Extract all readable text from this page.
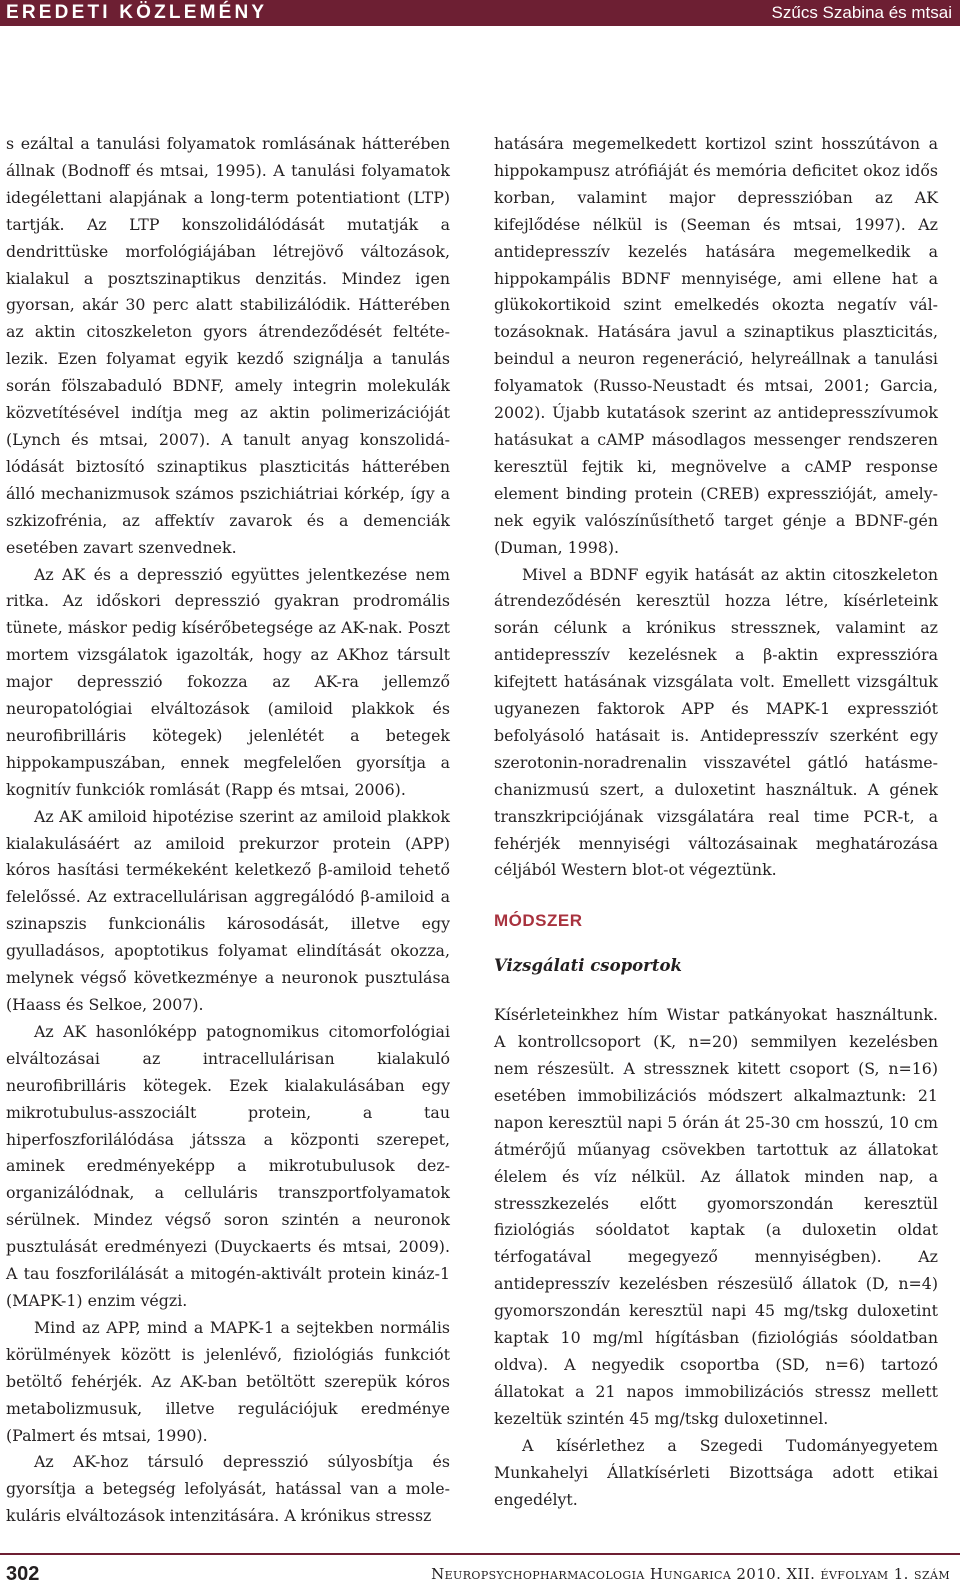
EREDETI KÖZLEMÉNY	Szűcs Szabina és mtsai

s ezáltal a tanulási folyamatok romlásának hátterében állnak (Bodnoff és mtsai, 1995). A tanulási folyamatok idegélettani alapjának a long-term potentiationt (LTP) tartják. Az LTP konszolidálódását mutatják a dendrittüske morfológiájában létrejövő változások, kialakul a posztszinaptikus denzitás. Mindez igen gyorsan, akár 30 perc alatt stabilizálódik. Hátterében az aktin citoszkeleton gyors átrendeződését feltételezik. Ezen folyamat egyik kezdő szignálja a tanulás során fölszabaduló BDNF, amely integrin molekulák közvetítésével indítja meg az aktin polimerizációját (Lynch és mtsai, 2007). A tanult anyag konszolidálódását biztosító szinaptikus plaszticitás hátterében álló mechanizmusok számos pszichiátriai kórkép, így a szkizofrénia, az affektív zavarok és a demenciák esetében zavart szenvednek.

Az AK és a depresszió együttes jelentkezése nem ritka. Az időskori depresszió gyakran prodromális tünete, máskor pedig kísérőbetegsége az AK-nak. Poszt mortem vizsgálatok igazolták, hogy az AKhoz társult major depresszió fokozza az AK-ra jellemző neuropatológiai elváltozások (amiloid plakkok és neurofibrilláris kötegek) jelenlétét a betegek hippokampuszában, ennek megfelelően gyorsítja a kognitív funkciók romlását (Rapp és mtsai, 2006).

Az AK amiloid hipotézise szerint az amiloid plakkok kialakulásáért az amiloid prekurzor protein (APP) kóros hasítási termékeként keletkező β-amiloid tehető felelőssé. Az extracellulárisan aggregálódó β-amiloid a szinapszis funkcionális károsodását, illetve egy gyulladásos, apoptotikus folyamat elindítását okozza, melynek végső következménye a neuronok pusztulása (Haass és Selkoe, 2007).

Az AK hasonlóképp patognomikus citomorfológiai elváltozásai az intracellulárisan kialakuló neurofibrilláris kötegek. Ezek kialakulásában egy mikrotubulus-asszociált protein, a tau hiperfoszforilálódása játssza a központi szerepet, aminek eredményeképp a mikrotubulusok dezorganizálódnak, a celluláris transzportfolyamatok sérülnek. Mindez végső soron szintén a neuronok pusztulását eredményezi (Duyckaerts és mtsai, 2009). A tau foszforilálását a mitogén-aktivált protein kináz-1 (MAPK-1) enzim végzi.

Mind az APP, mind a MAPK-1 a sejtekben normális körülmények között is jelenlévő, fiziológiás funkciót betöltő fehérjék. Az AK-ban betöltött szerepük kóros metabolizmusuk, illetve regulációjuk eredménye (Palmert és mtsai, 1990).

Az AK-hoz társuló depresszió súlyosbítja és gyorsítja a betegség lefolyását, hatással van a molekuláris elváltozások intenzitására. A krónikus stressz

hatására megemelkedett kortizol szint hosszútávon a hippokampusz atrófiáját és memória deficitet okoz idős korban, valamint major depresszióban az AK kifejlődése nélkül is (Seeman és mtsai, 1997). Az antidepresszív kezelés hatására megemelkedik a hippokampális BDNF mennyisége, ami ellene hat a glükokortikoid szint emelkedés okozta negatív változásoknak. Hatására javul a szinaptikus plaszticitás, beindul a neuron regeneráció, helyreállnak a tanulási folyamatok (Russo-Neustadt és mtsai, 2001; Garcia, 2002). Újabb kutatások szerint az antidepresszívumok hatásukat a cAMP másodlagos messenger rendszeren keresztül fejtik ki, megnövelve a cAMP response element binding protein (CREB) expresszióját, amelynek egyik valószínűsíthető target génje a BDNF-gén (Duman, 1998).

Mivel a BDNF egyik hatását az aktin citoszkeleton átrendeződésén keresztül hozza létre, kísérleteink során célunk a krónikus stressznek, valamint az antidepresszív kezelésnek a β-aktin expresszióra kifejtett hatásának vizsgálata volt. Emellett vizsgáltuk ugyanezen faktorok APP és MAPK-1 expressziót befolyásoló hatásait is. Antidepresszív szerként egy szerotonin-noradrenalin visszavétel gátló hatásmechanizmusú szert, a duloxetint használtuk. A gének transzkripciójának vizsgálatára real time PCR-t, a fehérjék mennyiségi változásainak meghatározása céljából Western blot-ot végeztünk.

MÓDSZER
Vizsgálati csoportok

Kísérleteinkhez hím Wistar patkányokat használtunk. A kontrollcsoport (K, n=20) semmilyen kezelésben nem részesült. A stressznek kitett csoport (S, n=16) esetében immobilizációs módszert alkalmaztunk: 21 napon keresztül napi 5 órán át 25-30 cm hosszú, 10 cm átmérőjű műanyag csövekben tartottuk az állatokat élelem és víz nélkül. Az állatok minden nap, a stresszkezelés előtt gyomorszondán keresztül fiziológiás sóoldatot kaptak (a duloxetin oldat térfogatával megegyező mennyiségben). Az antidepresszív kezelésben részesülő állatok (D, n=4) gyomorszondán keresztül napi 45 mg/tskg duloxetint kaptak 10 mg/ml hígításban (fiziológiás sóoldatban oldva). A negyedik csoportba (SD, n=6) tartozó állatokat a 21 napos immobilizációs stressz mellett kezeltük szintén 45 mg/tskg duloxetinnel.

A kísérlethez a Szegedi Tudományegyetem Munkahelyi Állatkísérleti Bizottsága adott etikai engedélyt.

302	Neuropsychopharmacologia Hungarica 2010. XII. évfolyam 1. szám
